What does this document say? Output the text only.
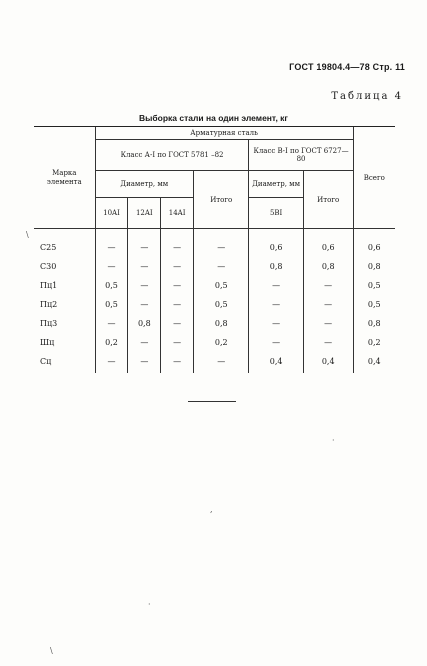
ГОСТ 19804.4—78 Стр. 11
Таблица 4
Выборка стали на один элемент, кг
Марка элемента	Арматурная сталь						Всего
	Класс А-I по ГОСТ 5781 –82				Класс В-I по ГОСТ 6727—80		
	Диаметр, мм			Итого	Диаметр, мм	Итого	
	10AI	12AI	14AI		5ВI		
С25	—	—	—	—	0,6	0,6	0,6
С30	—	—	—	—	0,8	0,8	0,8
Пц1	0,5	—	—	0,5	—	—	0,5
Пц2	0,5	—	—	0,5	—	—	0,5
Пц3	—	0,8	—	0,8	—	—	0,8
Шц	0,2	—	—	0,2	—	—	0,2
Сц	—	—	—	—	0,4	0,4	0,4
\
·
,
·
\
